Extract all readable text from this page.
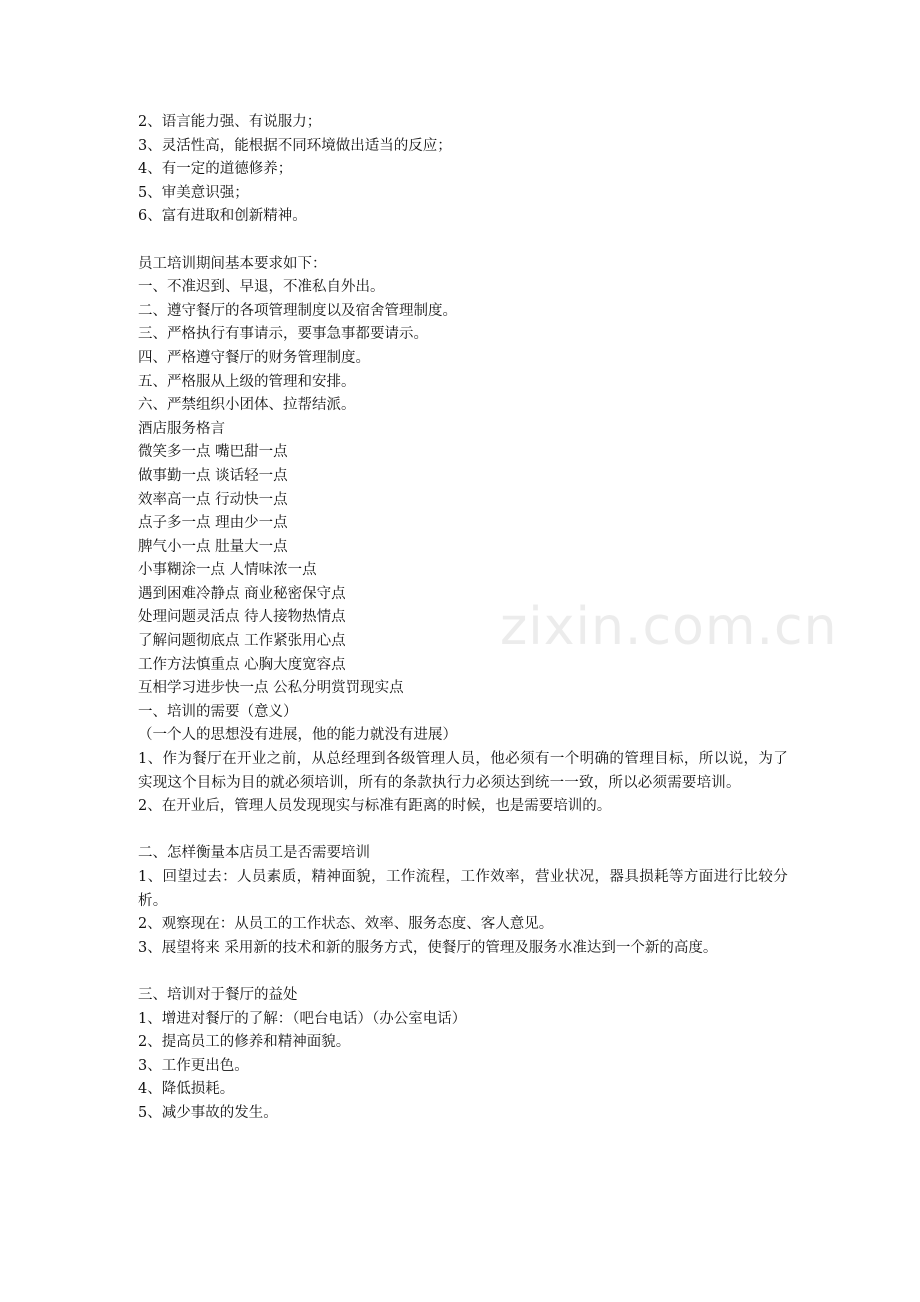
2、语言能力强、有说服力；
3、灵活性高，能根据不同环境做出适当的反应；
4、有一定的道德修养；
5、审美意识强；
6、富有进取和创新精神。
员工培训期间基本要求如下：
一、不准迟到、早退，不准私自外出。
二、遵守餐厅的各项管理制度以及宿舍管理制度。
三、严格执行有事请示，要事急事都要请示。
四、严格遵守餐厅的财务管理制度。
五、严格服从上级的管理和安排。
六、严禁组织小团体、拉帮结派。
酒店服务格言
微笑多一点 嘴巴甜一点
做事勤一点 谈话轻一点
效率高一点 行动快一点
点子多一点 理由少一点
脾气小一点 肚量大一点
小事糊涂一点 人情味浓一点
遇到困难冷静点 商业秘密保守点
处理问题灵活点 待人接物热情点
了解问题彻底点 工作紧张用心点
工作方法慎重点 心胸大度宽容点
互相学习进步快一点 公私分明赏罚现实点
一、培训的需要（意义）
（一个人的思想没有进展，他的能力就没有进展）
1、作为餐厅在开业之前，从总经理到各级管理人员，他必须有一个明确的管理目标，所以说，为了实现这个目标为目的就必须培训，所有的条款执行力必须达到统一一致，所以必须需要培训。
2、在开业后，管理人员发现现实与标准有距离的时候，也是需要培训的。
二、怎样衡量本店员工是否需要培训
1、回望过去：人员素质，精神面貌，工作流程，工作效率，营业状况，器具损耗等方面进行比较分析。
2、观察现在：从员工的工作状态、效率、服务态度、客人意见。
3、展望将来 采用新的技术和新的服务方式，使餐厅的管理及服务水准达到一个新的高度。
三、培训对于餐厅的益处
1、增进对餐厅的了解：（吧台电话）（办公室电话）
2、提高员工的修养和精神面貌。
3、工作更出色。
4、降低损耗。
5、减少事故的发生。
zixin.com.cn
